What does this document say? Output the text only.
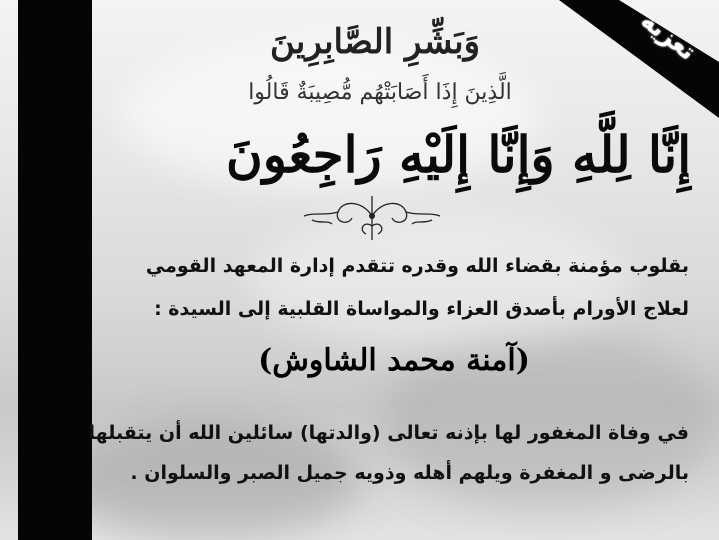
تعزية
وَبَشِّرِ الصَّابِرِينَ
الَّذِينَ إِذَا أَصَابَتْهُم مُّصِيبَةٌ قَالُوا
إِنَّا لِلَّهِ وَإِنَّا إِلَيْهِ رَاجِعُونَ
بقلوب مؤمنة بقضاء الله وقدره تتقدم إدارة المعهد القومي
لعلاج الأورام بأصدق العزاء والمواساة القلبية إلى السيدة :
(آمنة محمد الشاوش)
في وفاة المغفور لها بإذنه تعالى (والدتها) سائلين الله أن يتقبلها
بالرضى و المغفرة ويلهم أهله وذويه جميل الصبر والسلوان .
